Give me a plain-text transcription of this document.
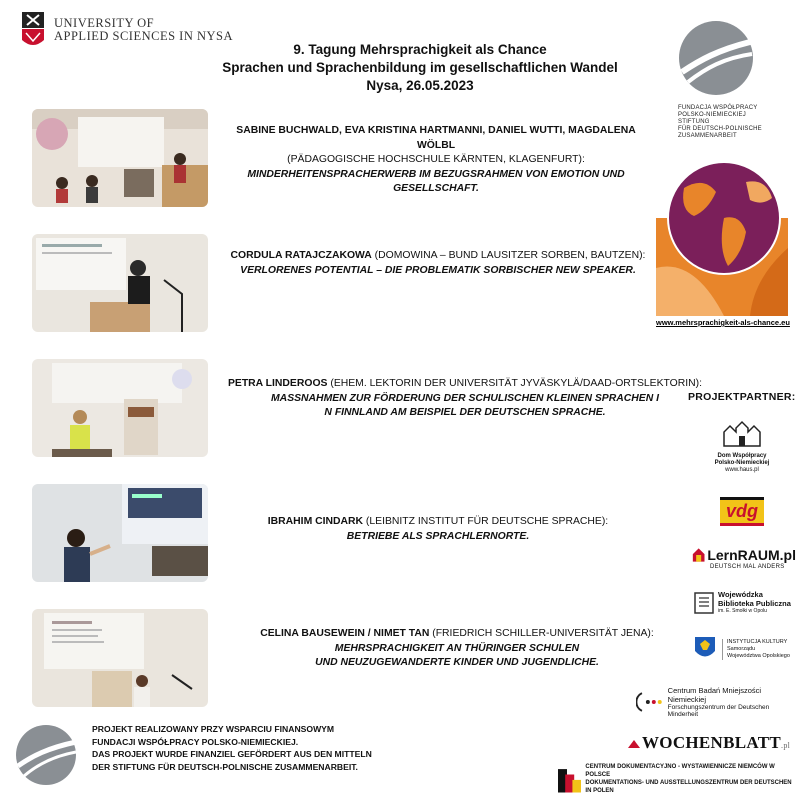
UNIVERSITY OF
APPLIED SCIENCES IN NYSA
9. Tagung Mehrsprachigkeit als Chance
Sprachen und Sprachenbildung im gesellschaftlichen Wandel
Nysa, 26.05.2023
FUNDACJA WSPÓŁPRACY
POLSKO-NIEMIECKIEJ
STIFTUNG
FÜR DEUTSCH-POLNISCHE
ZUSAMMENARBEIT
SABINE BUCHWALD, EVA KRISTINA HARTMANNI, DANIEL WUTTI, MAGDALENA WÖLBL
(PÄDAGOGISCHE HOCHSCHULE KÄRNTEN, KLAGENFURT):
MINDERHEITENSPRACHERWERB IM BEZUGSRAHMEN VON EMOTION UND GESELLSCHAFT.
CORDULA RATAJCZAKOWA (DOMOWINA – BUND LAUSITZER SORBEN, BAUTZEN):
VERLORENES POTENTIAL – DIE PROBLEMATIK SORBISCHER NEW SPEAKER.
PETRA LINDEROOS (EHEM. LEKTORIN DER UNIVERSITÄT JYVÄSKYLÄ/DAAD-ORTSLEKTORIN):
MASSNAHMEN ZUR FÖRDERUNG DER SCHULISCHEN KLEINEN SPRACHEN I
N FINNLAND AM BEISPIEL DER DEUTSCHEN SPRACHE.
IBRAHIM CINDARK (LEIBNITZ INSTITUT FÜR DEUTSCHE SPRACHE):
BETRIEBE ALS SPRACHLERNORTE.
CELINA BAUSEWEIN / NIMET TAN (FRIEDRICH SCHILLER-UNIVERSITÄT JENA):
MEHRSPRACHIGKEIT AN THÜRINGER SCHULEN
UND NEUZUGEWANDERTE KINDER UND JUGENDLICHE.
www.mehrsprachigkeit-als-chance.eu
PROJEKTPARTNER:
Dom Współpracy
Polsko-Niemieckiej
www.haus.pl
vdg
LernRAUM.pl
DEUTSCH MAL ANDERS
Wojewódzka
Biblioteka Publiczna
im. E. Smołki w Opolu
INSTYTUCJA KULTURY
Samorządu
Województwa Opolskiego
Centrum Badań Mniejszości Niemieckiej
Forschungszentrum der Deutschen Minderheit
WOCHENBLATT.pl
CENTRUM DOKUMENTACYJNO - WYSTAWIENNICZE NIEMCÓW W POLSCE
DOKUMENTATIONS- UND AUSSTELLUNGSZENTRUM DER DEUTSCHEN IN POLEN
PROJEKT REALIZOWANY PRZY WSPARCIU FINANSOWYM
FUNDACJI WSPÓŁPRACY POLSKO-NIEMIECKIEJ.
DAS PROJEKT WURDE FINANZIEL GEFÖRDERT AUS DEN MITTELN
DER STIFTUNG FÜR DEUTSCH-POLNISCHE ZUSAMMENARBEIT.
